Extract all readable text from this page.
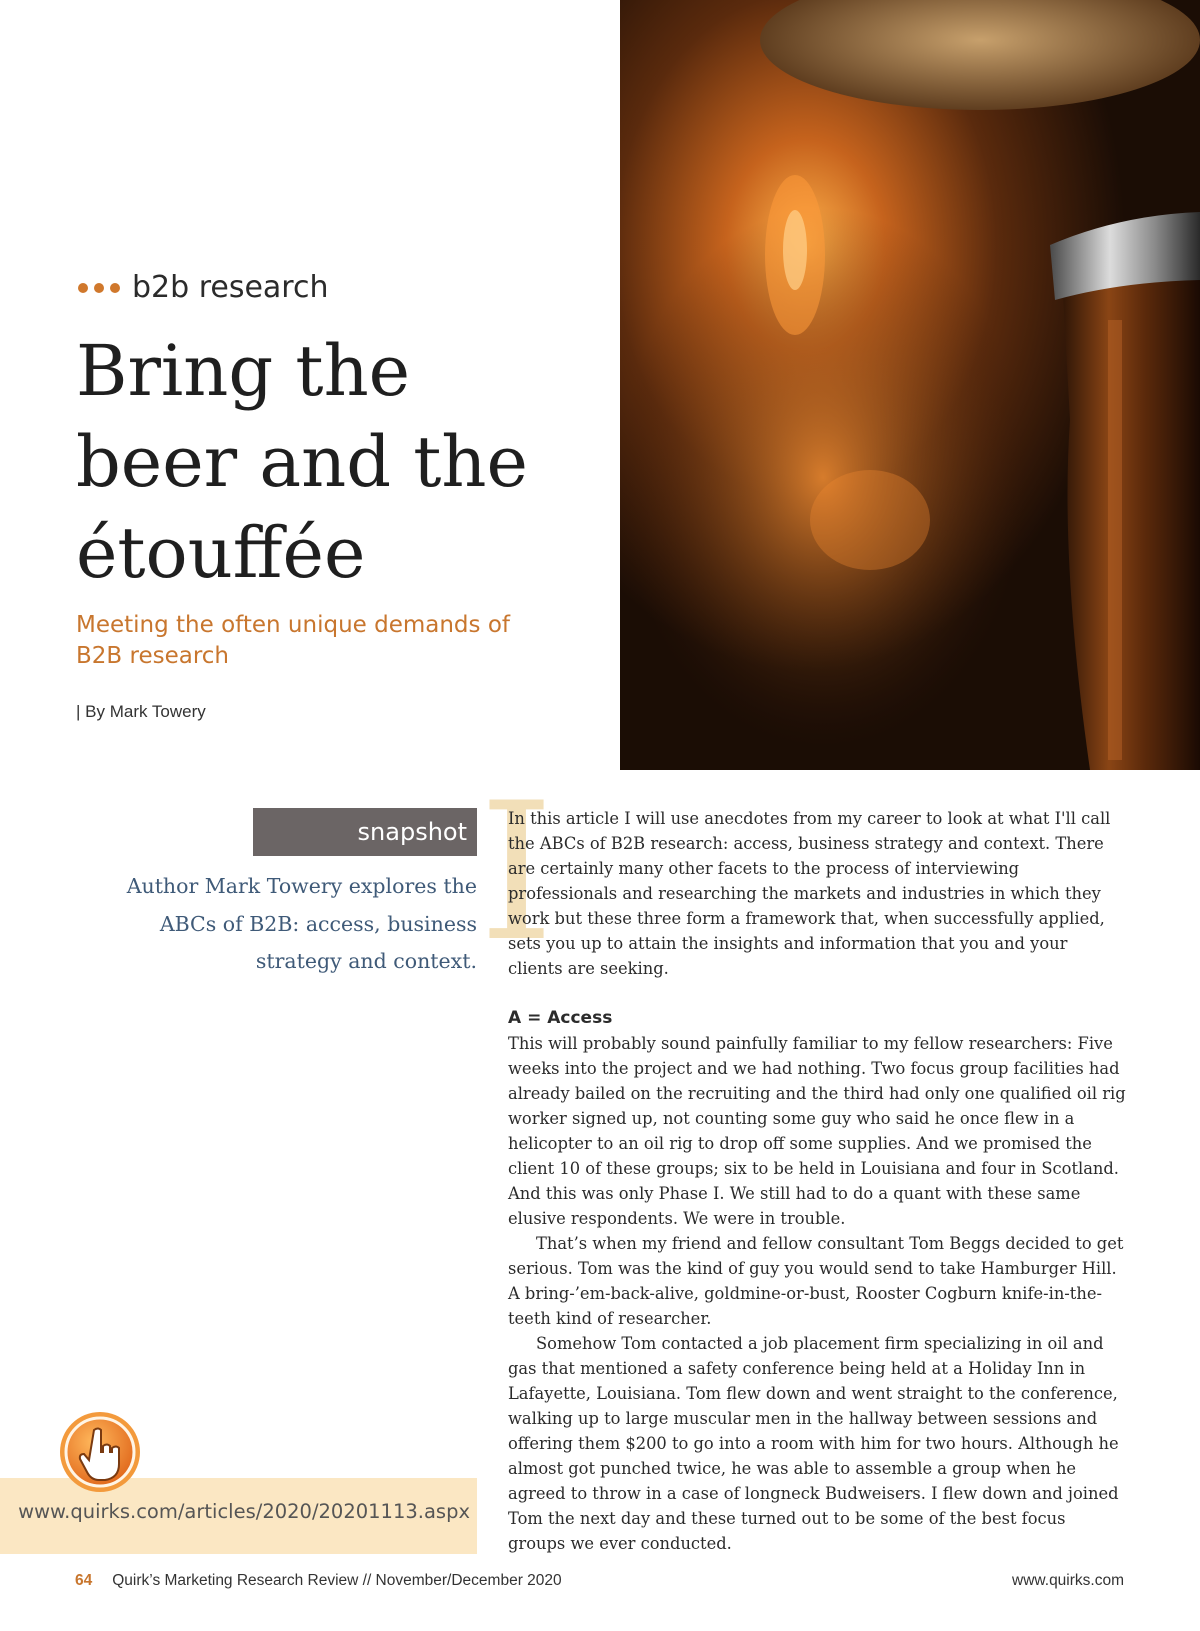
b2b research
Bring the
beer and the
étouffée

Meeting the often unique demands of B2B research

| By Mark Towery
snapshot

Author Mark Towery explores the ABCs of B2B: access, business strategy and context.

www.quirks.com/articles/2020/20201113.aspx
I

In this article I will use anecdotes from my career to look at what I'll call the ABCs of B2B research: access, business strategy and context. There are certainly many other facets to the process of interviewing professionals and researching the markets and industries in which they work but these three form a framework that, when successfully applied, sets you up to attain the insights and information that you and your clients are seeking.

A = Access

This will probably sound painfully familiar to my fellow researchers: Five weeks into the project and we had nothing. Two focus group facilities had already bailed on the recruiting and the third had only one qualified oil rig worker signed up, not counting some guy who said he once flew in a helicopter to an oil rig to drop off some supplies. And we promised the client 10 of these groups; six to be held in Louisiana and four in Scotland. And this was only Phase I. We still had to do a quant with these same elusive respondents. We were in trouble.

That’s when my friend and fellow consultant Tom Beggs decided to get serious. Tom was the kind of guy you would send to take Hamburger Hill. A bring-’em-back-alive, goldmine-or-bust, Rooster Cogburn knife-in-the-teeth kind of researcher.

Somehow Tom contacted a job placement firm specializing in oil and gas that mentioned a safety conference being held at a Holiday Inn in Lafayette, Louisiana. Tom flew down and went straight to the conference, walking up to large muscular men in the hallway between sessions and offering them $200 to go into a room with him for two hours. Although he almost got punched twice, he was able to assemble a group when he agreed to throw in a case of longneck Budweisers. I flew down and joined Tom the next day and these turned out to be some of the best focus groups we ever conducted.

64 Quirk’s Marketing Research Review // November/December 2020	www.quirks.com
